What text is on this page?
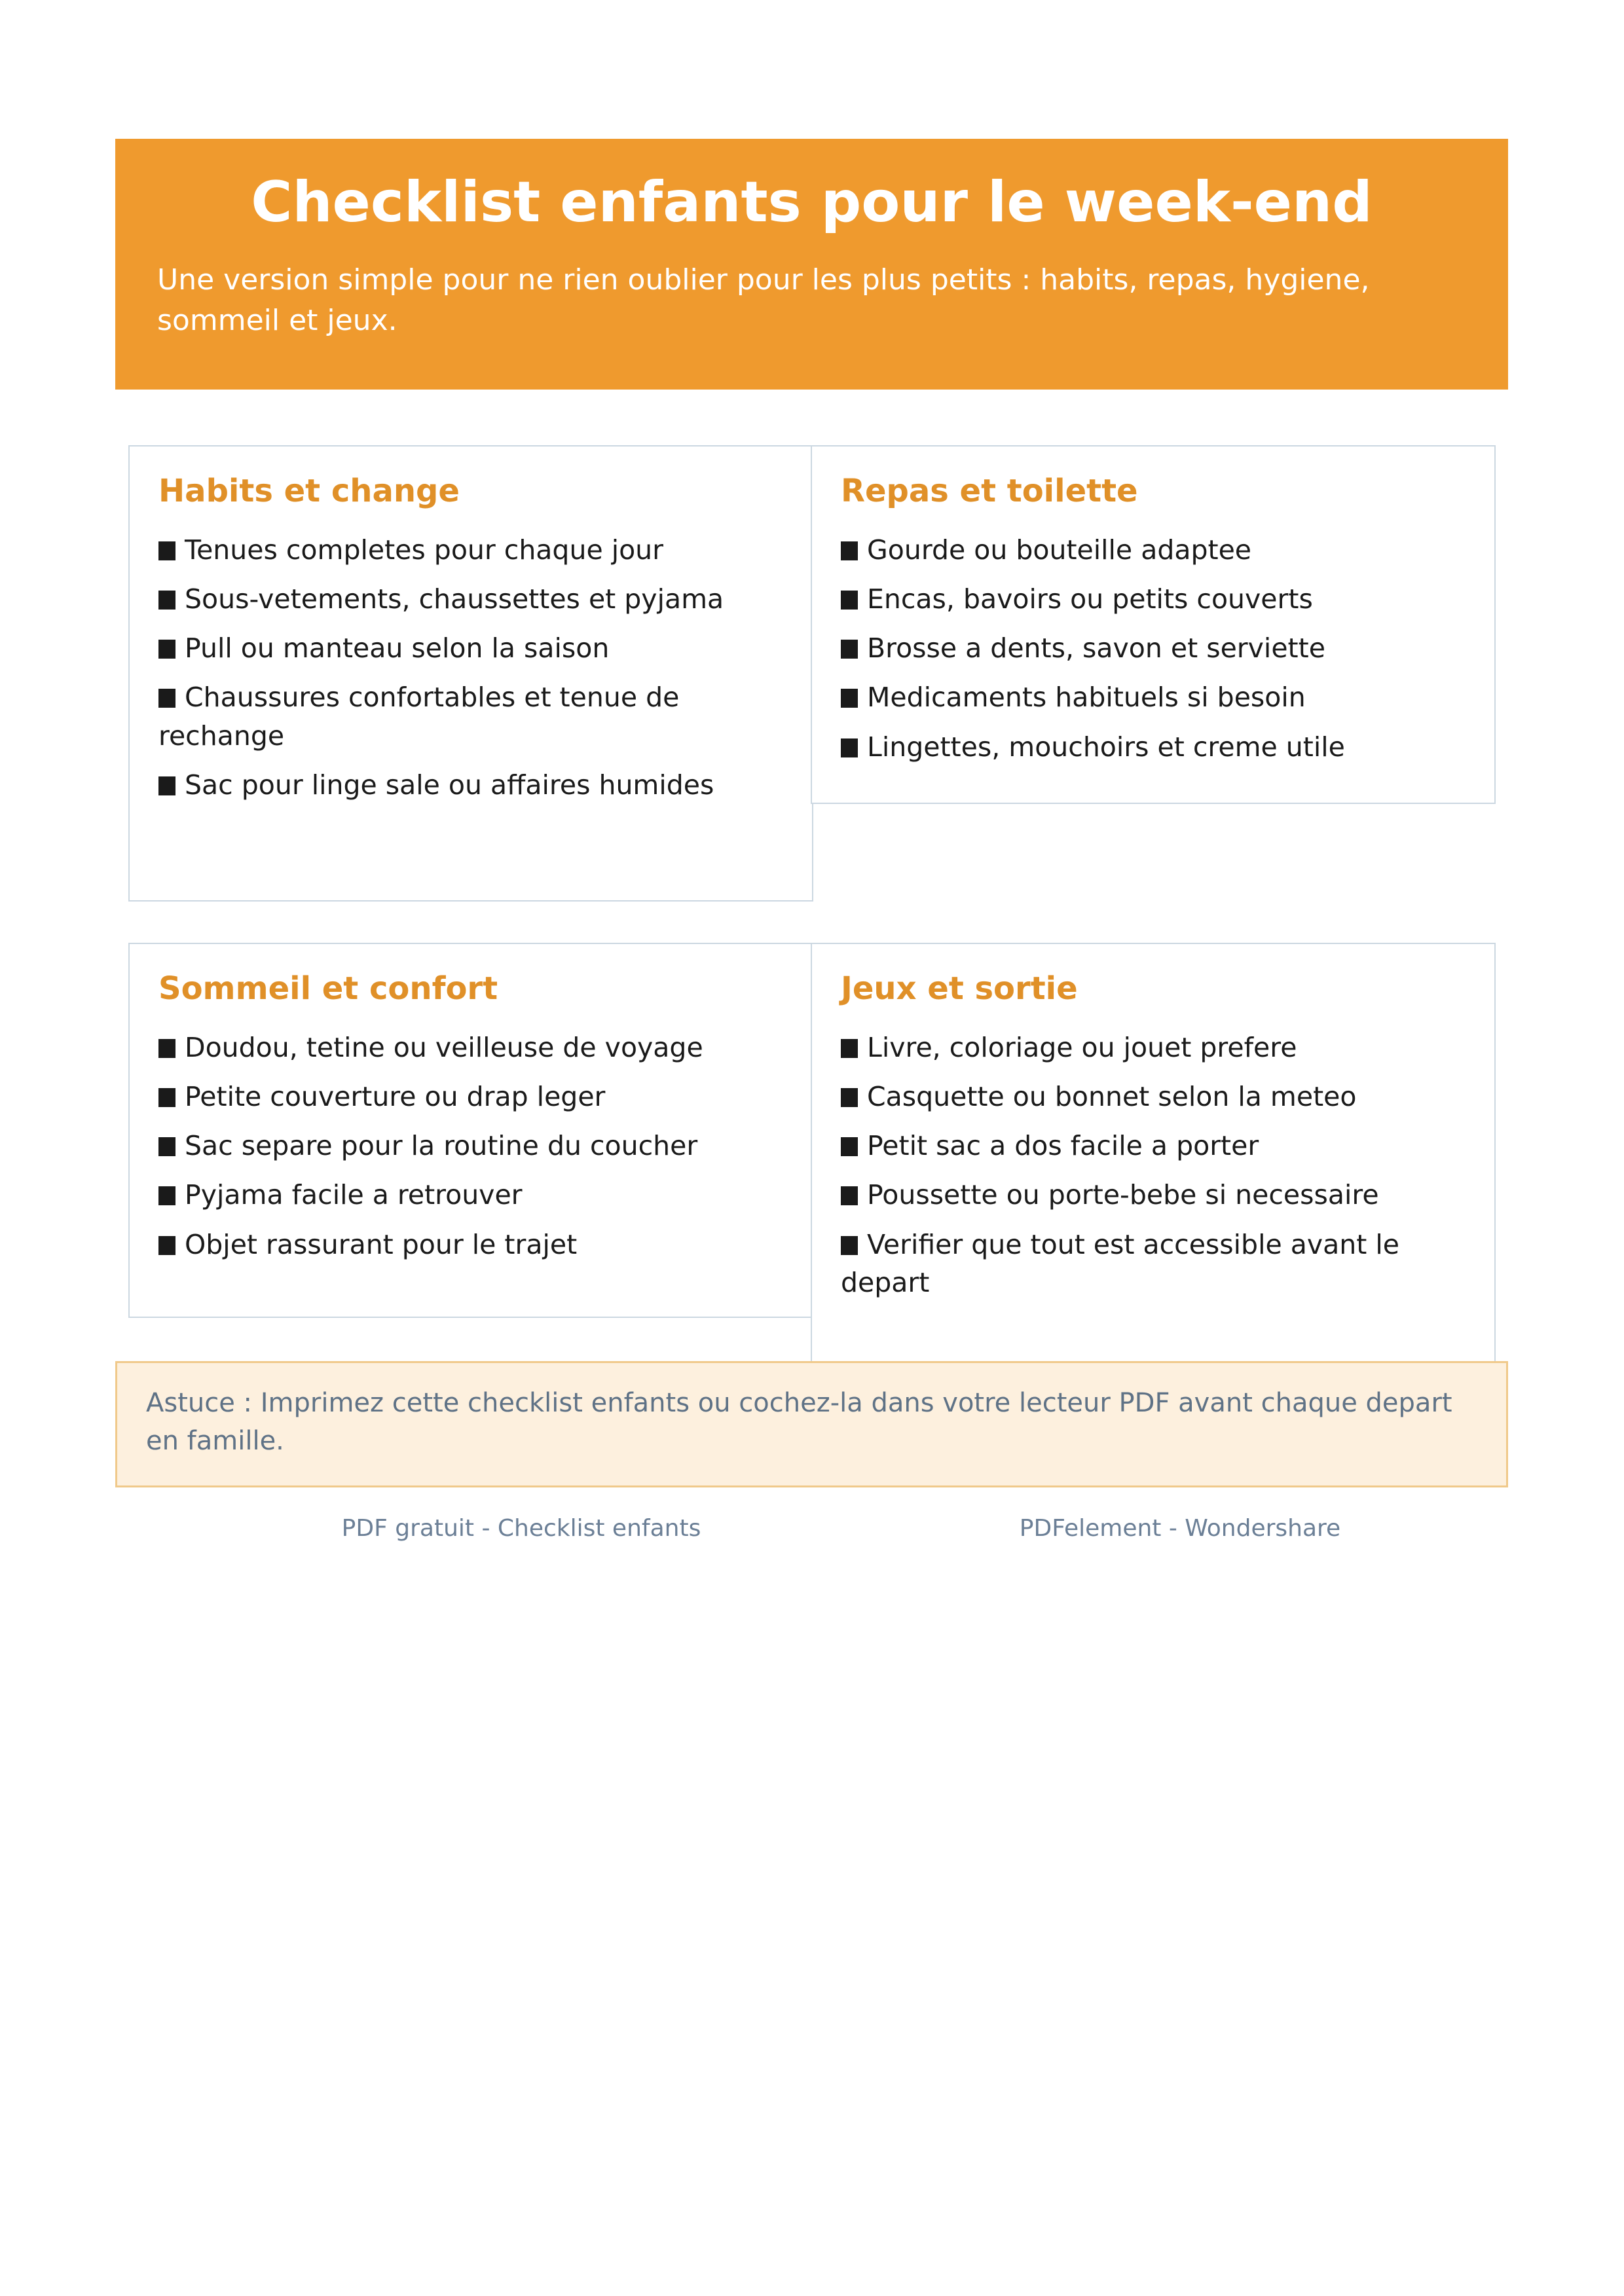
Checklist enfants pour le week-end
Une version simple pour ne rien oublier pour les plus petits : habits, repas, hygiene, sommeil et jeux.
Habits et change
Tenues completes pour chaque jour
Sous-vetements, chaussettes et pyjama
Pull ou manteau selon la saison
Chaussures confortables et tenue de rechange
Sac pour linge sale ou affaires humides
Repas et toilette
Gourde ou bouteille adaptee
Encas, bavoirs ou petits couverts
Brosse a dents, savon et serviette
Medicaments habituels si besoin
Lingettes, mouchoirs et creme utile
Sommeil et confort
Doudou, tetine ou veilleuse de voyage
Petite couverture ou drap leger
Sac separe pour la routine du coucher
Pyjama facile a retrouver
Objet rassurant pour le trajet
Jeux et sortie
Livre, coloriage ou jouet prefere
Casquette ou bonnet selon la meteo
Petit sac a dos facile a porter
Poussette ou porte-bebe si necessaire
Verifier que tout est accessible avant le depart
Astuce : Imprimez cette checklist enfants ou cochez-la dans votre lecteur PDF avant chaque depart en famille.
PDF gratuit - Checklist enfants	PDFelement - Wondershare
